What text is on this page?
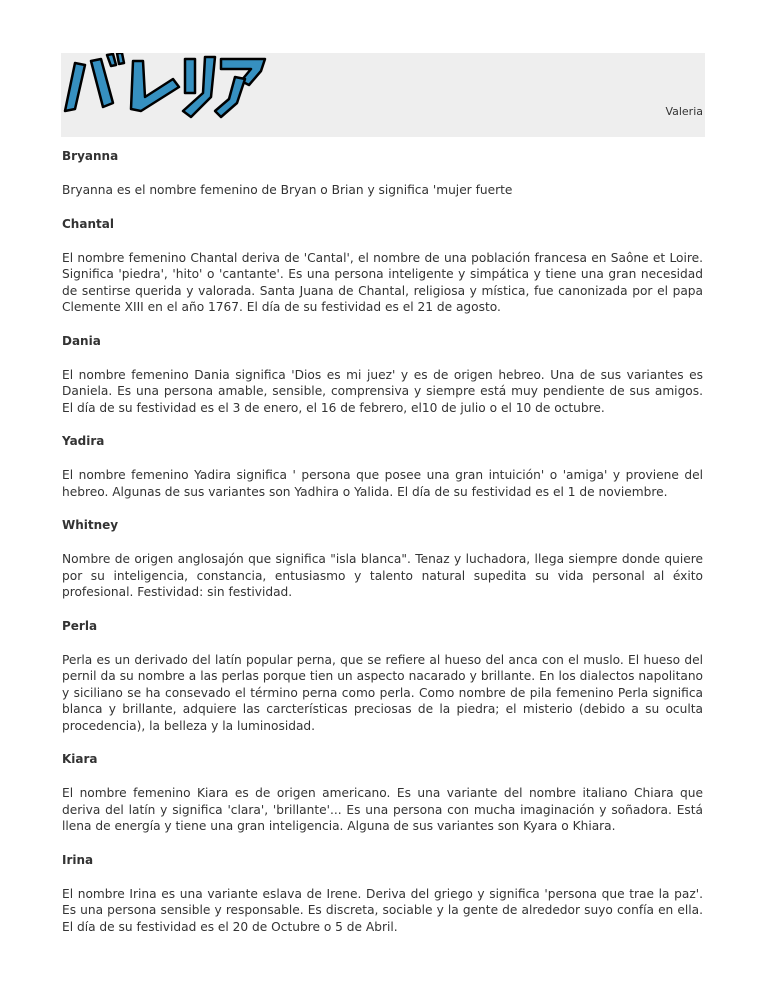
Valeria
Bryanna

Bryanna es el nombre femenino de Bryan o Brian y significa 'mujer fuerte

Chantal

El nombre femenino Chantal deriva de 'Cantal', el nombre de una población francesa en Saône et Loire. Significa 'piedra', 'hito' o 'cantante'. Es una persona inteligente y simpática y tiene una gran necesidad de sentirse querida y valorada. Santa Juana de Chantal, religiosa y mística, fue canonizada por el papa Clemente XIII en el año 1767. El día de su festividad es el 21 de agosto.

Dania

El nombre femenino Dania significa 'Dios es mi juez' y es de origen hebreo. Una de sus variantes es Daniela. Es una persona amable, sensible, comprensiva y siempre está muy pendiente de sus amigos. El día de su festividad es el 3 de enero, el 16 de febrero, el10 de julio o el 10 de octubre.

Yadira

El nombre femenino Yadira significa ' persona que posee una gran intuición' o 'amiga' y proviene del hebreo. Algunas de sus variantes son Yadhira o Yalida. El día de su festividad es el 1 de noviembre.

Whitney

Nombre de origen anglosajón que significa "isla blanca". Tenaz y luchadora, llega siempre donde quiere por su inteligencia, constancia, entusiasmo y talento natural supedita su vida personal al éxito profesional. Festividad: sin festividad.

Perla

Perla es un derivado del latín popular perna, que se refiere al hueso del anca con el muslo. El hueso del pernil da su nombre a las perlas porque tien un aspecto nacarado y brillante. En los dialectos napolitano y siciliano se ha consevado el término perna como perla. Como nombre de pila femenino Perla significa blanca y brillante, adquiere las carcterísticas preciosas de la piedra; el misterio (debido a su oculta procedencia), la belleza y la luminosidad.

Kiara

El nombre femenino Kiara es de origen americano. Es una variante del nombre italiano Chiara que deriva del latín y significa 'clara', 'brillante'... Es una persona con mucha imaginación y soñadora. Está llena de energía y tiene una gran inteligencia. Alguna de sus variantes son Kyara o Khiara.

Irina

El nombre Irina es una variante eslava de Irene. Deriva del griego y significa 'persona que trae la paz'. Es una persona sensible y responsable. Es discreta, sociable y la gente de alrededor suyo confía en ella. El día de su festividad es el 20 de Octubre o 5 de Abril.
